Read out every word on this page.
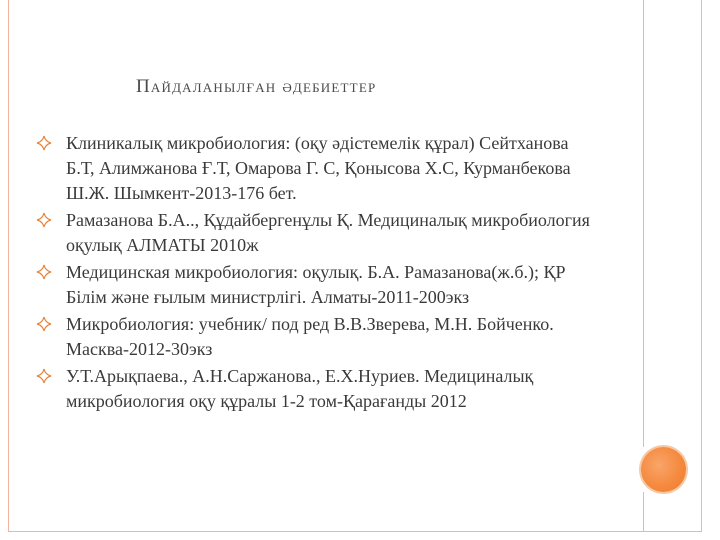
Пайдаланылған әдебиеттер
Клиникалық микробиология: (оқу әдістемелік құрал) Сейтханова Б.Т, Алимжанова Ғ.Т, Омарова Г. С, Қонысова Х.С, Курманбекова Ш.Ж. Шымкент-2013-176 бет.
Рамазанова Б.А.., Құдайбергенұлы Қ. Медициналық микробиология оқулық АЛМАТЫ 2010ж
Медицинская микробиология: оқулық. Б.А. Рамазанова(ж.б.); ҚР Білім және ғылым министрлігі. Алматы-2011-200экз
Микробиология: учебник/ под ред В.В.Зверева, М.Н. Бойченко. Масква-2012-30экз
У.Т.Арықпаева., А.Н.Саржанова., Е.Х.Нуриев. Медициналық микробиология оқу құралы 1-2 том-Қарағанды 2012
